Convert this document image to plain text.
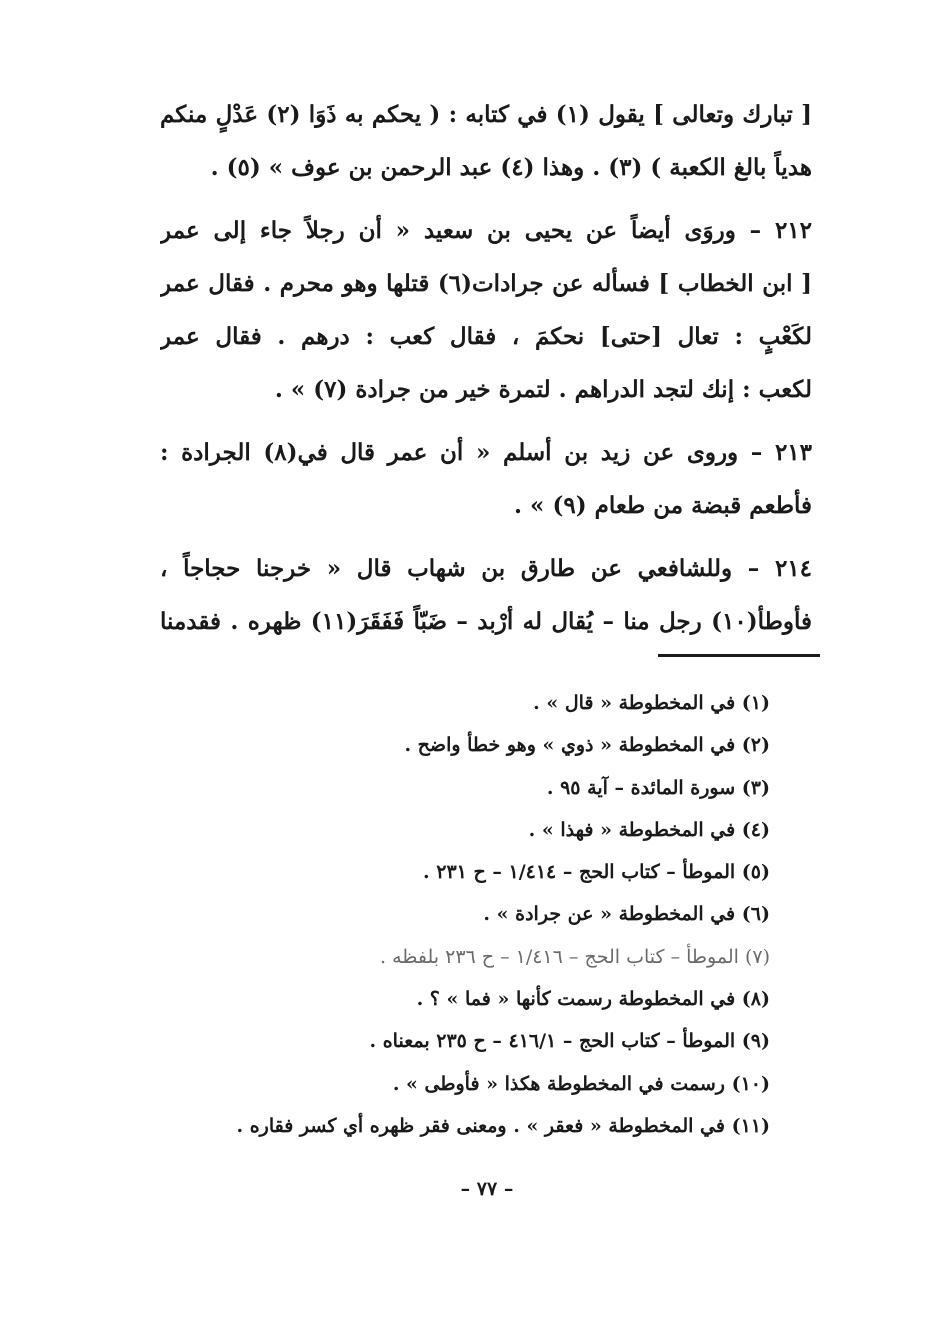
[ تبارك وتعالى ] يقول (١) في كتابه : ( يحكم به ذَوَا (٢) عَدْلٍ منكم
هدياً بالغ الكعبة ) (٣) . وهذا (٤) عبد الرحمن بن عوف » (٥) .
٢١٢ – وروَى أيضاً عن يحيى بن سعيد « أن رجلاً جاء إلى عمر
[ ابن الخطاب ] فسأله عن جرادات(٦) قتلها وهو محرم . فقال عمر
لكَعْبٍ : تعال [حتى] نحكمَ ، فقال كعب : درهم . فقال عمر
لكعب : إنك لتجد الدراهم . لتمرة خير من جرادة (٧) » .
٢١٣ – وروى عن زيد بن أسلم « أن عمر قال في(٨) الجرادة :
فأطعم قبضة من طعام (٩) » .
٢١٤ – وللشافعي عن طارق بن شهاب قال « خرجنا حجاجاً ،
فأوطأ(١٠) رجل منا – يُقال له أرْبد – ضَبّاً فَفَقَرَ(١١) ظهره . فقدمنا
(١) في المخطوطة « قال » .
(٢) في المخطوطة « ذوي » وهو خطأ واضح .
(٣) سورة المائدة – آية ٩٥ .
(٤) في المخطوطة « فهذا » .
(٥) الموطأ – كتاب الحج – ١/٤١٤ – ح ٢٣١ .
(٦) في المخطوطة « عن جرادة » .
(٧) الموطأ – كتاب الحج – ١/٤١٦ – ح ٢٣٦ بلفظه .
(٨) في المخطوطة رسمت كأنها « فما » ؟ .
(٩) الموطأ – كتاب الحج – ٤١٦/١ – ح ٢٣٥ بمعناه .
(١٠) رسمت في المخطوطة هكذا « فأوطى » .
(١١) في المخطوطة « فعقر » . ومعنى فقر ظهره أي كسر فقاره .
– ٧٧ –
